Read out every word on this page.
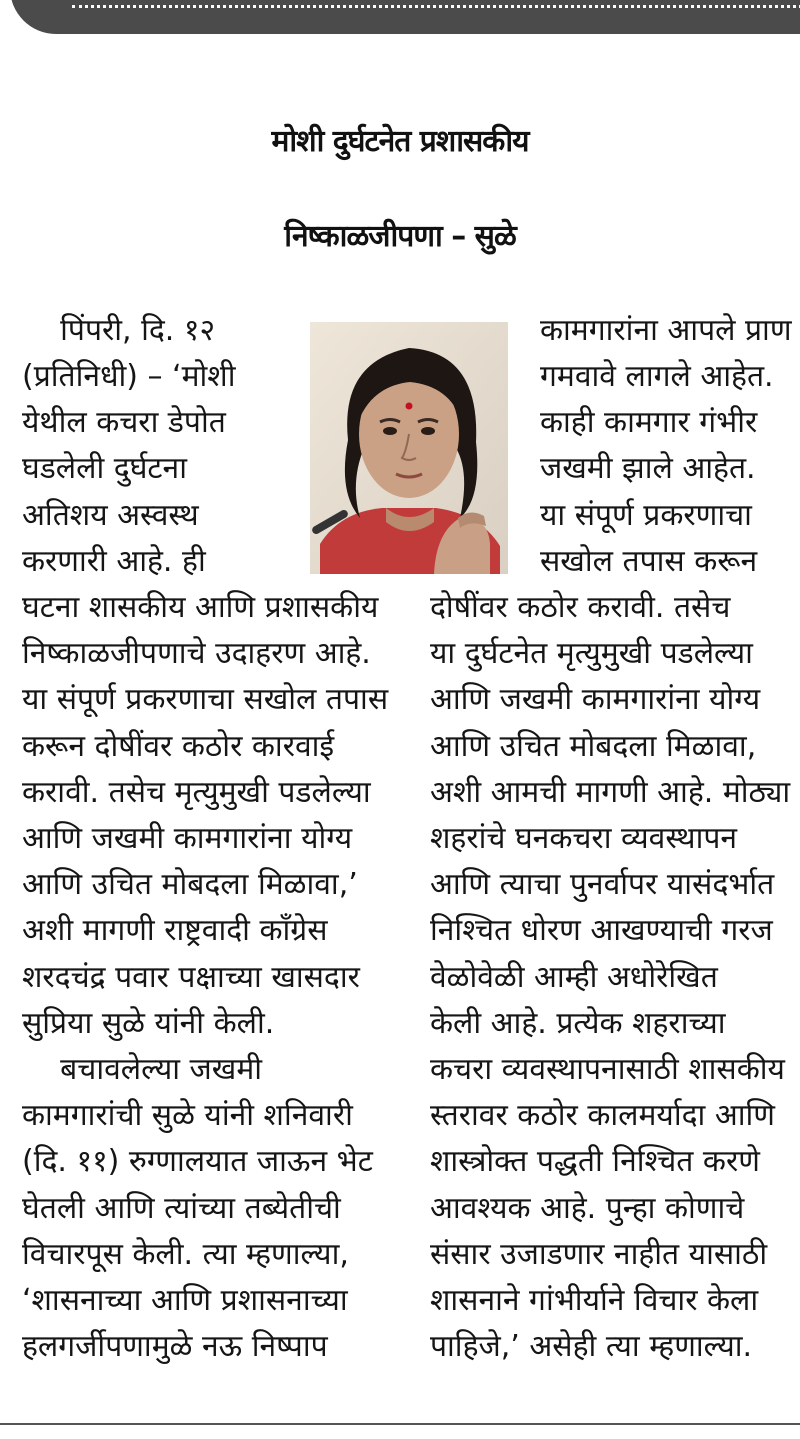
मोशी दुर्घटनेत प्रशासकीय
निष्काळजीपणा – सुळे
पिंपरी, दि. १२
(प्रतिनिधी) – ‘मोशी
येथील कचरा डेपोत
घडलेली दुर्घटना
अतिशय अस्वस्थ
करणारी आहे. ही
कामगारांना आपले प्राण
गमवावे लागले आहेत.
काही कामगार गंभीर
जखमी झाले आहेत.
या संपूर्ण प्रकरणाचा
सखोल तपास करून
घटना शासकीय आणि प्रशासकीय
निष्काळजीपणाचे उदाहरण आहे.
या संपूर्ण प्रकरणाचा सखोल तपास
करून दोषींवर कठोर कारवाई
करावी. तसेच मृत्युमुखी पडलेल्या
आणि जखमी कामगारांना योग्य
आणि उचित मोबदला मिळावा,’
अशी मागणी राष्ट्रवादी काँग्रेस
शरदचंद्र पवार पक्षाच्या खासदार
सुप्रिया सुळे यांनी केली.
बचावलेल्या जखमी
कामगारांची सुळे यांनी शनिवारी
(दि. ११) रुग्णालयात जाऊन भेट
घेतली आणि त्यांच्या तब्येतीची
विचारपूस केली. त्या म्हणाल्या,
‘शासनाच्या आणि प्रशासनाच्या
हलगर्जीपणामुळे नऊ निष्पाप
दोषींवर कठोर करावी. तसेच
या दुर्घटनेत मृत्युमुखी पडलेल्या
आणि जखमी कामगारांना योग्य
आणि उचित मोबदला मिळावा,
अशी आमची मागणी आहे. मोठ्या
शहरांचे घनकचरा व्यवस्थापन
आणि त्याचा पुनर्वापर यासंदर्भात
निश्‍चित धोरण आखण्याची गरज
वेळोवेळी आम्ही अधोरेखित
केली आहे. प्रत्येक शहराच्या
कचरा व्यवस्थापनासाठी शासकीय
स्तरावर कठोर कालमर्यादा आणि
शास्त्रोक्त पद्धती निश्‍चित करणे
आवश्यक आहे. पुन्हा कोणाचे
संसार उजाडणार नाहीत यासाठी
शासनाने गांभीर्याने विचार केला
पाहिजे,’ असेही त्या म्हणाल्या.
